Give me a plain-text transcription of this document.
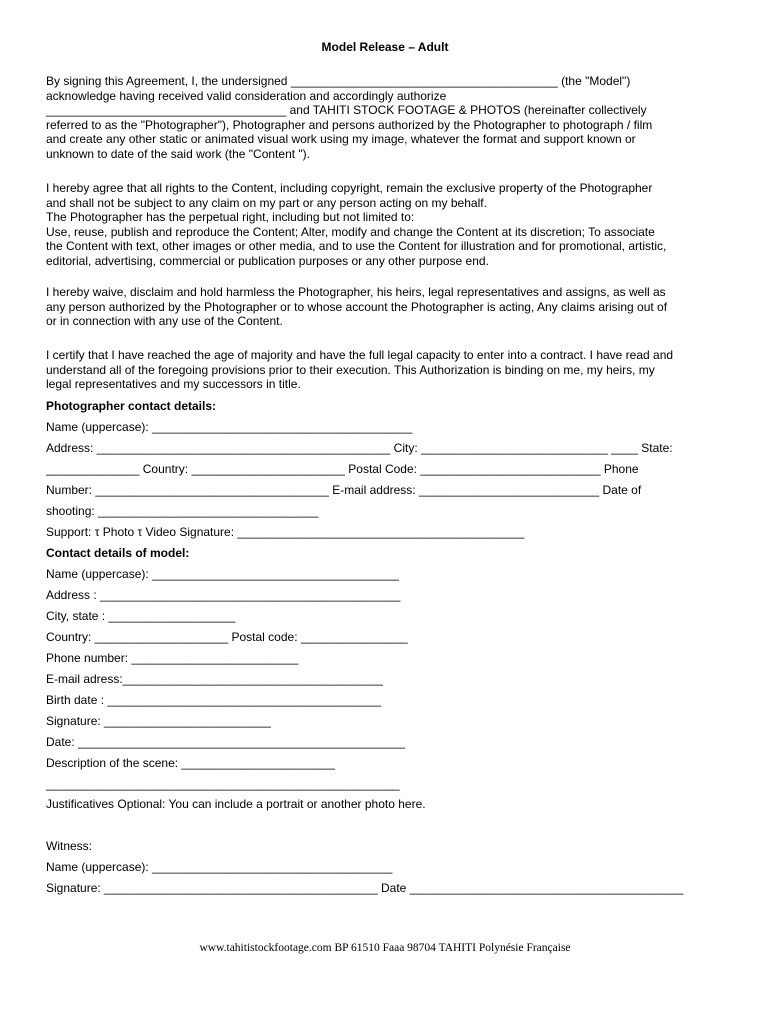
Model Release – Adult
By signing this Agreement, I, the undersigned ________________________________________ (the "Model")
acknowledge having received valid consideration and accordingly authorize
____________________________________ and TAHITI STOCK FOOTAGE & PHOTOS (hereinafter collectively
referred to as the "Photographer"), Photographer and persons authorized by the Photographer to photograph / film
and create any other static or animated visual work using my image, whatever the format and support known or
unknown to date of the said work (the "Content ").
I hereby agree that all rights to the Content, including copyright, remain the exclusive property of the Photographer
and shall not be subject to any claim on my part or any person acting on my behalf.
The Photographer has the perpetual right, including but not limited to:
Use, reuse, publish and reproduce the Content; Alter, modify and change the Content at its discretion; To associate
the Content with text, other images or other media, and to use the Content for illustration and for promotional, artistic,
editorial, advertising, commercial or publication purposes or any other purpose end.
I hereby waive, disclaim and hold harmless the Photographer, his heirs, legal representatives and assigns, as well as
any person authorized by the Photographer or to whose account the Photographer is acting, Any claims arising out of
or in connection with any use of the Content.
I certify that I have reached the age of majority and have the full legal capacity to enter into a contract. I have read and
understand all of the foregoing provisions prior to their execution. This Authorization is binding on me, my heirs, my
legal representatives and my successors in title.
Photographer contact details:
Name (uppercase): _______________________________________
Address: ____________________________________________ City: ____________________________ ____ State:
______________ Country: _______________________ Postal Code: ___________________________ Phone
Number: ___________________________________ E-mail address: ___________________________ Date of
shooting: _________________________________
Support: τ Photo τ Video Signature: ___________________________________________
Contact details of model:
Name (uppercase): _____________________________________
Address : _____________________________________________
City, state : ___________________
Country: ____________________ Postal code: ________________
Phone number: _________________________
E-mail adress:_______________________________________
Birth date : _________________________________________
Signature: _________________________
Date: _________________________________________________
Description of the scene: _______________________
_____________________________________________________
Justificatives Optional: You can include a portrait or another photo here.
Witness:
Name (uppercase): ____________________________________
Signature: _________________________________________ Date _________________________________________
www.tahitistockfootage.com BP 61510 Faaa 98704 TAHITI Polynésie Française
